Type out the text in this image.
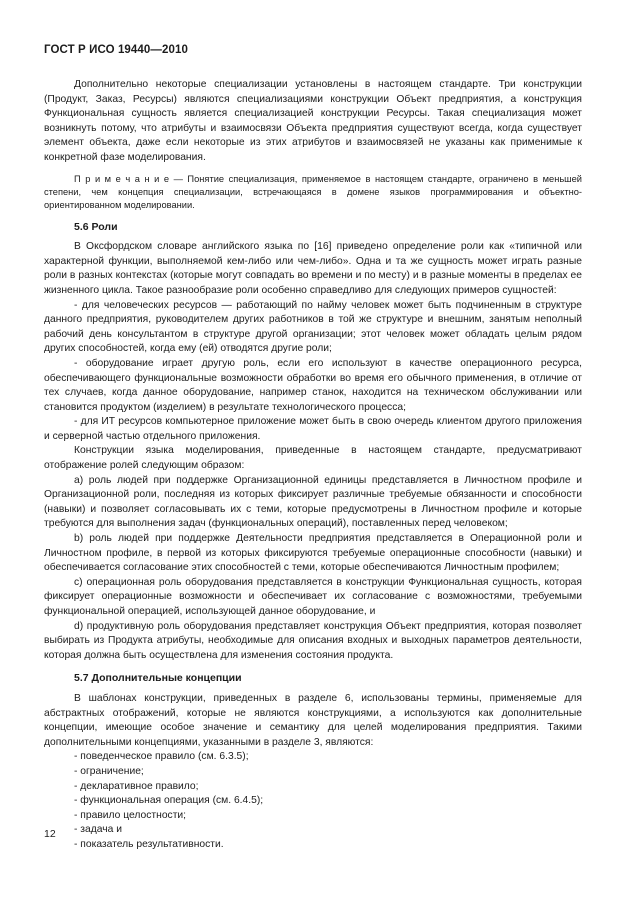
ГОСТ Р ИСО 19440—2010

Дополнительно некоторые специализации установлены в настоящем стандарте. Три конструкции (Продукт, Заказ, Ресурсы) являются специализациями конструкции Объект предприятия, а конструкция Функциональная сущность является специализацией конструкции Ресурсы. Такая специализация может возникнуть потому, что атрибуты и взаимосвязи Объекта предприятия существуют всегда, когда существует элемент объекта, даже если некоторые из этих атрибутов и взаимосвязей не указаны как применимые к конкретной фазе моделирования.

П р и м е ч а н и е — Понятие специализация, применяемое в настоящем стандарте, ограничено в меньшей степени, чем концепция специализации, встречающаяся в домене языков программирования и объектно-ориентированном моделировании.

5.6 Роли

В Оксфордском словаре английского языка по [16] приведено определение роли как «типичной или характерной функции, выполняемой кем-либо или чем-либо». Одна и та же сущность может играть разные роли в разных контекстах (которые могут совпадать во времени и по месту) и в разные моменты в пределах ее жизненного цикла. Такое разнообразие роли особенно справедливо для следующих примеров сущностей:

- для человеческих ресурсов — работающий по найму человек может быть подчиненным в структуре данного предприятия, руководителем других работников в той же структуре и внешним, занятым неполный рабочий день консультантом в структуре другой организации; этот человек может обладать целым рядом других способностей, когда ему (ей) отводятся другие роли;

- оборудование играет другую роль, если его используют в качестве операционного ресурса, обеспечивающего функциональные возможности обработки во время его обычного применения, в отличие от тех случаев, когда данное оборудование, например станок, находится на техническом обслуживании или становится продуктом (изделием) в результате технологического процесса;

- для ИТ ресурсов компьютерное приложение может быть в свою очередь клиентом другого приложения и серверной частью отдельного приложения.

Конструкции языка моделирования, приведенные в настоящем стандарте, предусматривают отображение ролей следующим образом:

a) роль людей при поддержке Организационной единицы представляется в Личностном профиле и Организационной роли, последняя из которых фиксирует различные требуемые обязанности и способности (навыки) и позволяет согласовывать их с теми, которые предусмотрены в Личностном профиле и которые требуются для выполнения задач (функциональных операций), поставленных перед человеком;

b) роль людей при поддержке Деятельности предприятия представляется в Операционной роли и Личностном профиле, в первой из которых фиксируются требуемые операционные способности (навыки) и обеспечивается согласование этих способностей с теми, которые обеспечиваются Личностным профилем;

c) операционная роль оборудования представляется в конструкции Функциональная сущность, которая фиксирует операционные возможности и обеспечивает их согласование с возможностями, требуемыми функциональной операцией, использующей данное оборудование, и

d) продуктивную роль оборудования представляет конструкция Объект предприятия, которая позволяет выбирать из Продукта атрибуты, необходимые для описания входных и выходных параметров деятельности, которая должна быть осуществлена для изменения состояния продукта.

5.7 Дополнительные концепции

В шаблонах конструкции, приведенных в разделе 6, использованы термины, применяемые для абстрактных отображений, которые не являются конструкциями, а используются как дополнительные концепции, имеющие особое значение и семантику для целей моделирования предприятия. Такими дополнительными концепциями, указанными в разделе 3, являются:

- поведенческое правило (см. 6.3.5);
- ограничение;
- декларативное правило;
- функциональная операция (см. 6.4.5);
- правило целостности;
- задача и
- показатель результативности.
12
